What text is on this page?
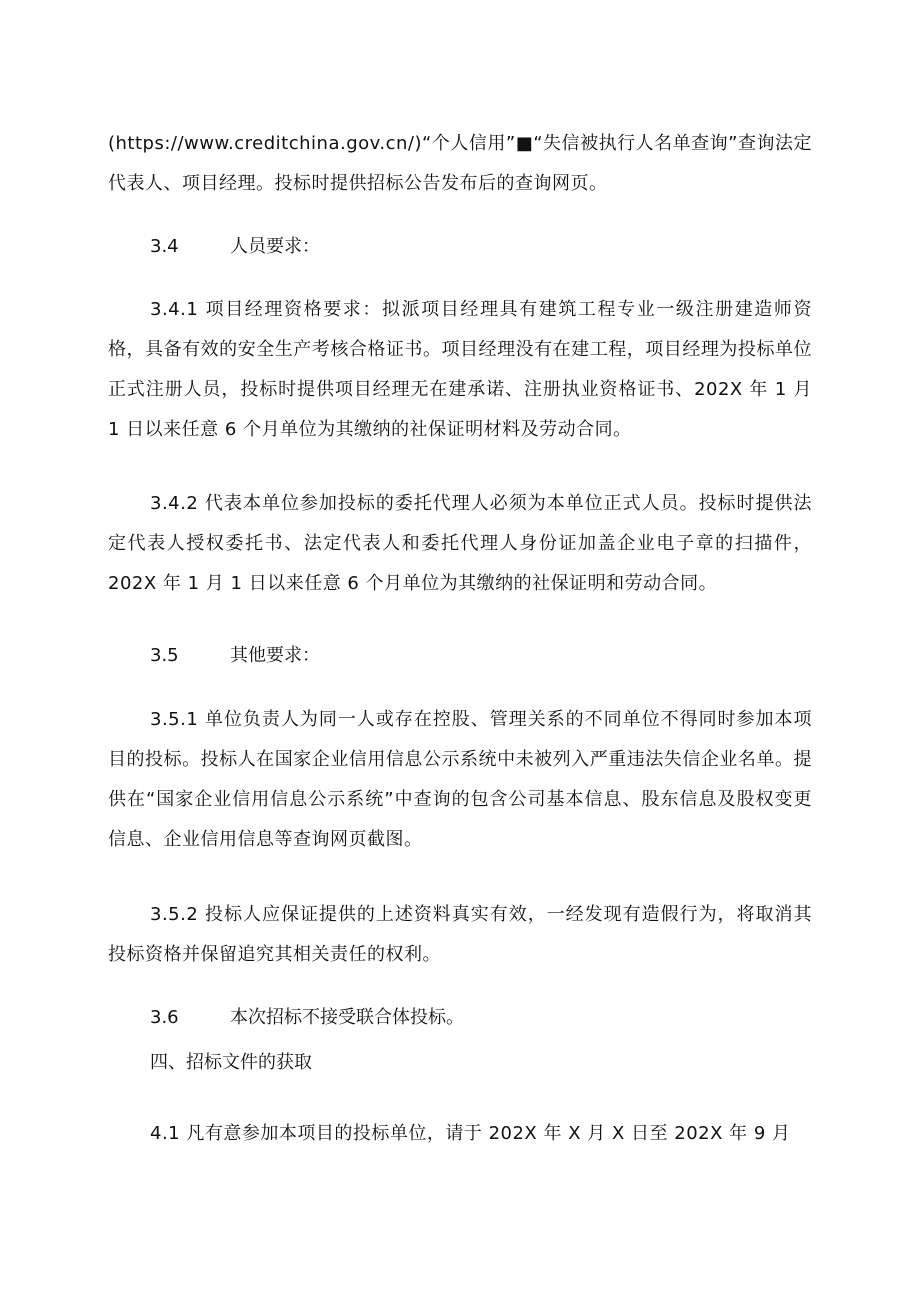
(https://www.creditchina.gov.cn/)“个人信用”■“失信被执行人名单查询”查询法定代表人、项目经理。投标时提供招标公告发布后的查询网页。

3.4	人员要求：

3.4.1 项目经理资格要求：拟派项目经理具有建筑工程专业一级注册建造师资格，具备有效的安全生产考核合格证书。项目经理没有在建工程，项目经理为投标单位正式注册人员，投标时提供项目经理无在建承诺、注册执业资格证书、202X 年 1 月 1 日以来任意 6 个月单位为其缴纳的社保证明材料及劳动合同。

3.4.2 代表本单位参加投标的委托代理人必须为本单位正式人员。投标时提供法定代表人授权委托书、法定代表人和委托代理人身份证加盖企业电子章的扫描件，202X 年 1 月 1 日以来任意 6 个月单位为其缴纳的社保证明和劳动合同。

3.5	其他要求：

3.5.1 单位负责人为同一人或存在控股、管理关系的不同单位不得同时参加本项目的投标。投标人在国家企业信用信息公示系统中未被列入严重违法失信企业名单。提供在“国家企业信用信息公示系统”中查询的包含公司基本信息、股东信息及股权变更信息、企业信用信息等查询网页截图。

3.5.2 投标人应保证提供的上述资料真实有效，一经发现有造假行为，将取消其投标资格并保留追究其相关责任的权利。

3.6	本次招标不接受联合体投标。

四、招标文件的获取

4.1 凡有意参加本项目的投标单位，请于 202X 年 X 月 X 日至 202X 年 9 月
